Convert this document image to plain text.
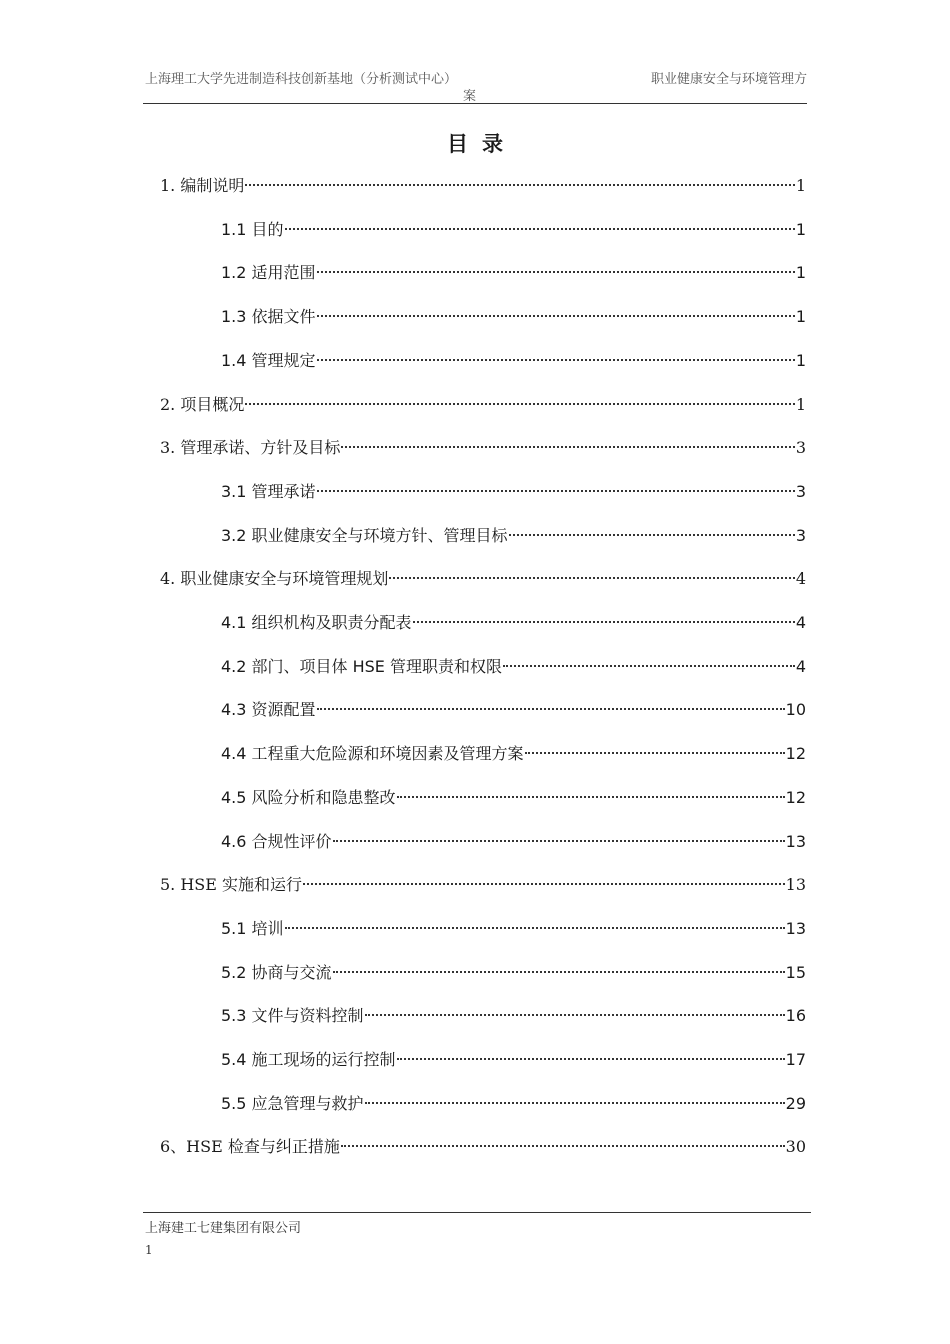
上海理工大学先进制造科技创新基地（分析测试中心）	职业健康安全与环境管理方
案
目录
1. 编制说明	1
1.1 目的	1
1.2 适用范围	1
1.3 依据文件	1
1.4 管理规定	1
2. 项目概况	1
3. 管理承诺、方针及目标	3
3.1 管理承诺	3
3.2 职业健康安全与环境方针、管理目标	3
4. 职业健康安全与环境管理规划	4
4.1 组织机构及职责分配表	4
4.2 部门、项目体 HSE 管理职责和权限	4
4.3 资源配置	10
4.4 工程重大危险源和环境因素及管理方案	12
4.5 风险分析和隐患整改	12
4.6 合规性评价	13
5. HSE 实施和运行	13
5.1 培训	13
5.2 协商与交流	15
5.3 文件与资料控制	16
5.4 施工现场的运行控制	17
5.5 应急管理与救护	29
6、HSE 检查与纠正措施	30
上海建工七建集团有限公司
1
